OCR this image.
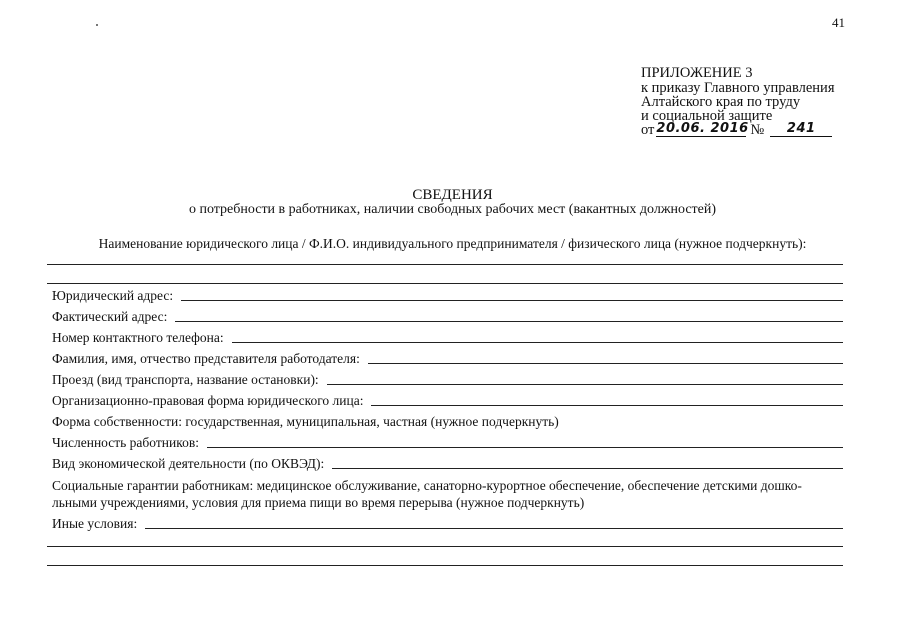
41
ПРИЛОЖЕНИЕ 3
к приказу Главного управления
Алтайского края по труду
и социальной защите
от 20.06. 2016 №	241
СВЕДЕНИЯ
о потребности в работниках, наличии свободных рабочих мест (вакантных должностей)
Наименование юридического лица / Ф.И.О. индивидуального предпринимателя / физического лица (нужное подчеркнуть):
Юридический адрес:
Фактический адрес:
Номер контактного телефона:
Фамилия, имя, отчество представителя работодателя:
Проезд (вид транспорта, название остановки):
Организационно-правовая форма юридического лица:
Форма собственности: государственная, муниципальная, частная (нужное подчеркнуть)
Численность работников:
Вид экономической деятельности (по ОКВЭД):
Социальные гарантии работникам: медицинское обслуживание, санаторно-курортное обеспечение, обеспечение детскими дошко-
льными учреждениями, условия для приема пищи во время перерыва (нужное подчеркнуть)
Иные условия:
